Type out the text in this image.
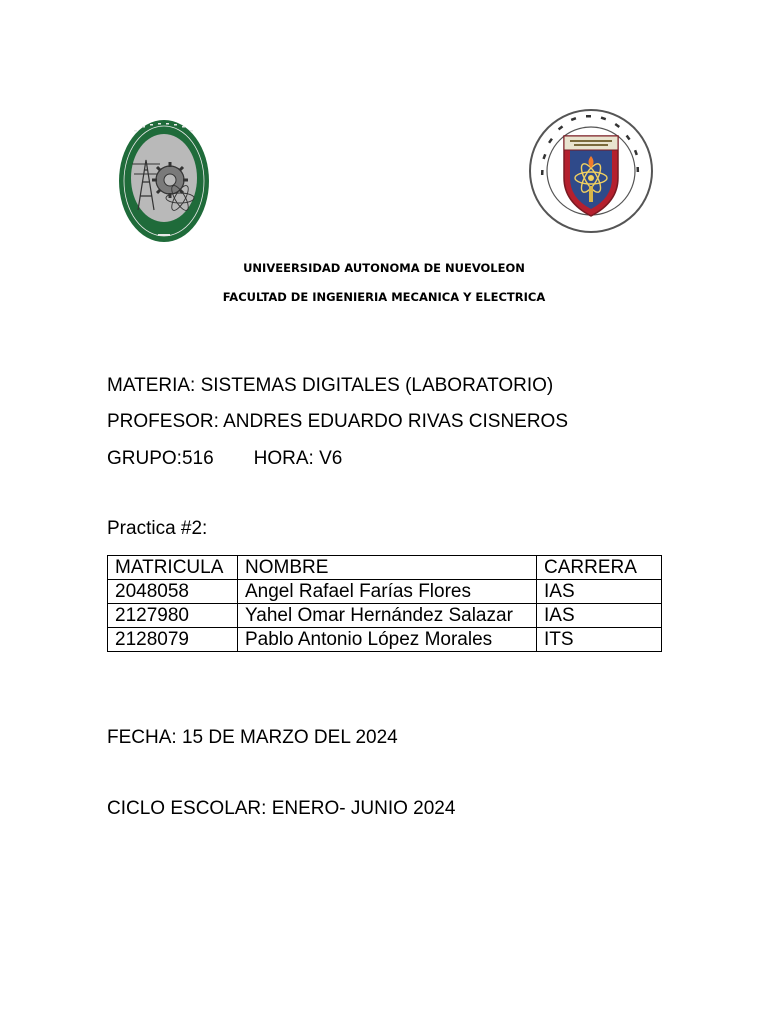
UNIVEERSIDAD AUTONOMA DE NUEVOLEON
FACULTAD DE INGENIERIA MECANICA Y ELECTRICA
MATERIA: SISTEMAS DIGITALES (LABORATORIO)
PROFESOR: ANDRES EDUARDO RIVAS CISNEROS
GRUPO:516 HORA: V6
Practica #2:
MATRICULA	NOMBRE	CARRERA
2048058	Angel Rafael Farías Flores	IAS
2127980	Yahel Omar Hernández Salazar	IAS
2128079	Pablo Antonio López Morales	ITS
FECHA: 15 DE MARZO DEL 2024
CICLO ESCOLAR: ENERO- JUNIO 2024
